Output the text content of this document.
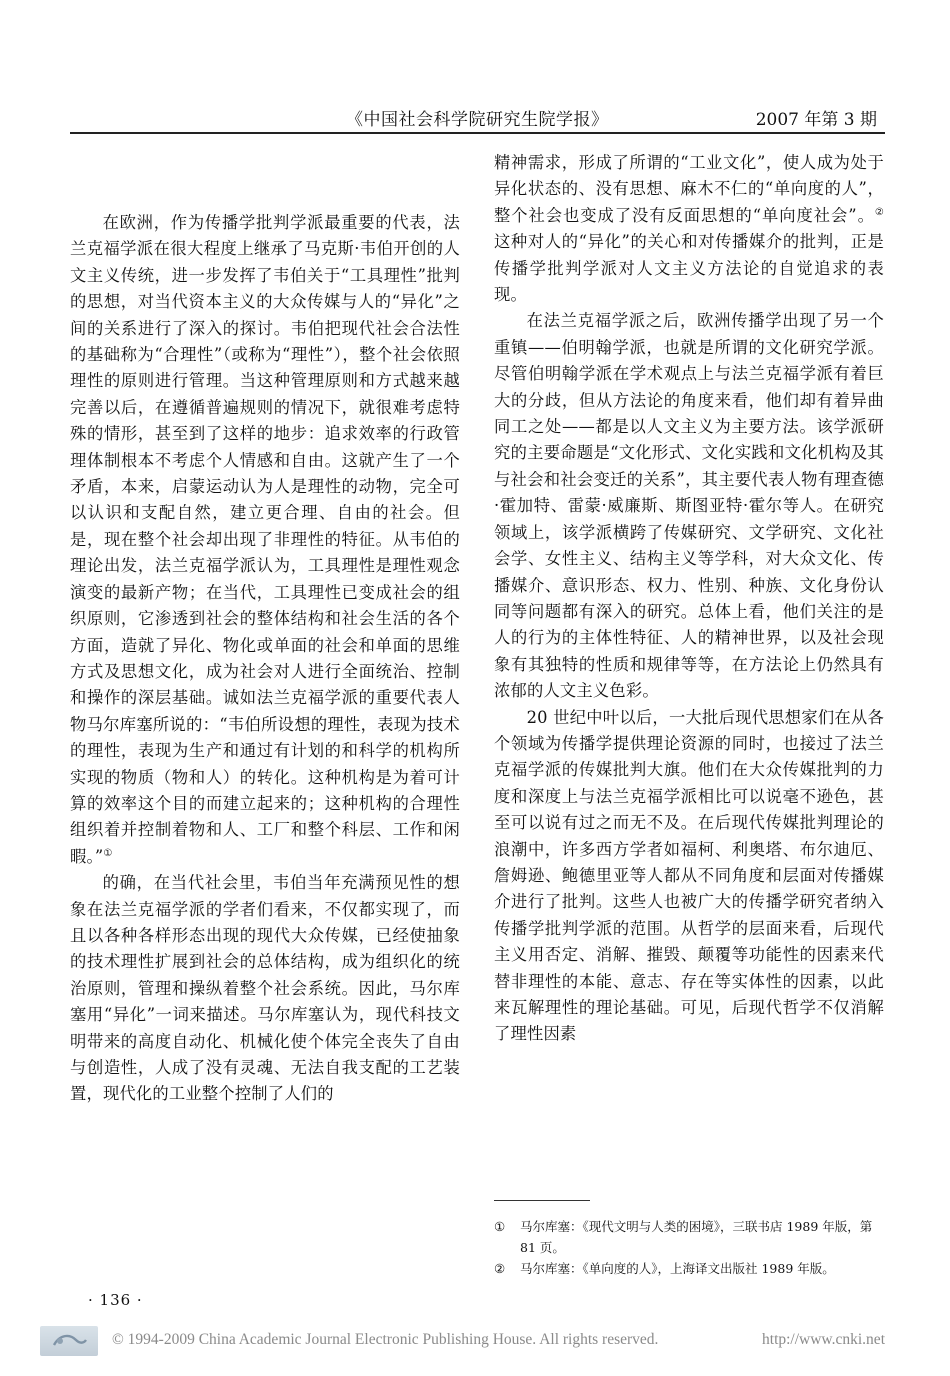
《中国社会科学院研究生院学报》	2007 年第 3 期

在欧洲，作为传播学批判学派最重要的代表，法兰克福学派在很大程度上继承了马克斯·韦伯开创的人文主义传统，进一步发挥了韦伯关于“工具理性”批判的思想，对当代资本主义的大众传媒与人的“异化”之间的关系进行了深入的探讨。韦伯把现代社会合法性的基础称为“合理性”（或称为“理性”），整个社会依照理性的原则进行管理。当这种管理原则和方式越来越完善以后，在遵循普遍规则的情况下，就很难考虑特殊的情形，甚至到了这样的地步：追求效率的行政管理体制根本不考虑个人情感和自由。这就产生了一个矛盾，本来，启蒙运动认为人是理性的动物，完全可以认识和支配自然，建立更合理、自由的社会。但是，现在整个社会却出现了非理性的特征。从韦伯的理论出发，法兰克福学派认为，工具理性是理性观念演变的最新产物；在当代，工具理性已变成社会的组织原则，它渗透到社会的整体结构和社会生活的各个方面，造就了异化、物化或单面的社会和单面的思维方式及思想文化，成为社会对人进行全面统治、控制和操作的深层基础。诚如法兰克福学派的重要代表人物马尔库塞所说的：“韦伯所设想的理性，表现为技术的理性，表现为生产和通过有计划的和科学的机构所实现的物质（物和人）的转化。这种机构是为着可计算的效率这个目的而建立起来的；这种机构的合理性组织着并控制着物和人、工厂和整个科层、工作和闲暇。”①

的确，在当代社会里，韦伯当年充满预见性的想象在法兰克福学派的学者们看来，不仅都实现了，而且以各种各样形态出现的现代大众传媒，已经使抽象的技术理性扩展到社会的总体结构，成为组织化的统治原则，管理和操纵着整个社会系统。因此，马尔库塞用“异化”一词来描述。马尔库塞认为，现代科技文明带来的高度自动化、机械化使个体完全丧失了自由与创造性，人成了没有灵魂、无法自我支配的工艺装置，现代化的工业整个控制了人们的

精神需求，形成了所谓的“工业文化”，使人成为处于异化状态的、没有思想、麻木不仁的“单向度的人”，整个社会也变成了没有反面思想的“单向度社会”。② 这种对人的“异化”的关心和对传播媒介的批判，正是传播学批判学派对人文主义方法论的自觉追求的表现。

在法兰克福学派之后，欧洲传播学出现了另一个重镇——伯明翰学派，也就是所谓的文化研究学派。尽管伯明翰学派在学术观点上与法兰克福学派有着巨大的分歧，但从方法论的角度来看，他们却有着异曲同工之处——都是以人文主义为主要方法。该学派研究的主要命题是“文化形式、文化实践和文化机构及其与社会和社会变迁的关系”，其主要代表人物有理查德·霍加特、雷蒙·威廉斯、斯图亚特·霍尔等人。在研究领域上，该学派横跨了传媒研究、文学研究、文化社会学、女性主义、结构主义等学科，对大众文化、传播媒介、意识形态、权力、性别、种族、文化身份认同等问题都有深入的研究。总体上看，他们关注的是人的行为的主体性特征、人的精神世界，以及社会现象有其独特的性质和规律等等，在方法论上仍然具有浓郁的人文主义色彩。

20 世纪中叶以后，一大批后现代思想家们在从各个领域为传播学提供理论资源的同时，也接过了法兰克福学派的传媒批判大旗。他们在大众传媒批判的力度和深度上与法兰克福学派相比可以说毫不逊色，甚至可以说有过之而无不及。在后现代传媒批判理论的浪潮中，许多西方学者如福柯、利奥塔、布尔迪厄、詹姆逊、鲍德里亚等人都从不同角度和层面对传播媒介进行了批判。这些人也被广大的传播学研究者纳入传播学批判学派的范围。从哲学的层面来看，后现代主义用否定、消解、摧毁、颠覆等功能性的因素来代替非理性的本能、意志、存在等实体性的因素，以此来瓦解理性的理论基础。可见，后现代哲学不仅消解了理性因素

①	马尔库塞：《现代文明与人类的困境》，三联书店 1989 年版，第 81 页。
②	马尔库塞：《单向度的人》，上海译文出版社 1989 年版。
· 136 ·
© 1994-2009 China Academic Journal Electronic Publishing House. All rights reserved.	http://www.cnki.net
